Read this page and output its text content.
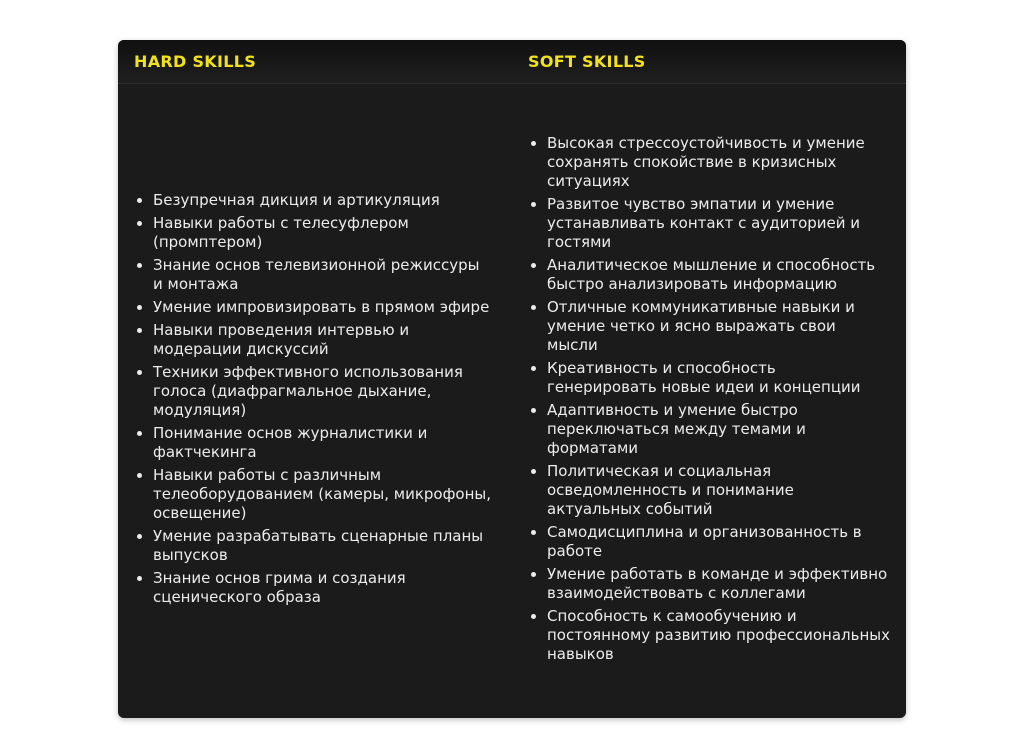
HARD SKILLS	SOFT SKILLS
• Безупречная дикция и артикуляция
• Навыки работы с телесуфлером (промптером)
• Знание основ телевизионной режиссуры и монтажа
• Умение импровизировать в прямом эфире
• Навыки проведения интервью и модерации дискуссий
• Техники эффективного использования голоса (диафрагмальное дыхание, модуляция)
• Понимание основ журналистики и фактчекинга
• Навыки работы с различным телеоборудованием (камеры, микрофоны, освещение)
• Умение разрабатывать сценарные планы выпусков
• Знание основ грима и создания сценического образа
• Высокая стрессоустойчивость и умение сохранять спокойствие в кризисных ситуациях
• Развитое чувство эмпатии и умение устанавливать контакт с аудиторией и гостями
• Аналитическое мышление и способность быстро анализировать информацию
• Отличные коммуникативные навыки и умение четко и ясно выражать свои мысли
• Креативность и способность генерировать новые идеи и концепции
• Адаптивность и умение быстро переключаться между темами и форматами
• Политическая и социальная осведомленность и понимание актуальных событий
• Самодисциплина и организованность в работе
• Умение работать в команде и эффективно взаимодействовать с коллегами
• Способность к самообучению и постоянному развитию профессиональных навыков
